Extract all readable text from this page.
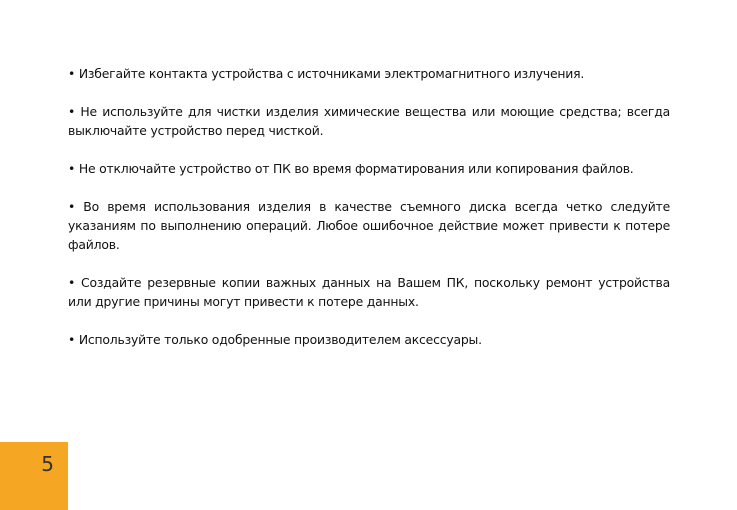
• Избегайте контакта устройства с источниками электромагнитного излучения.

• Не используйте для чистки изделия химические вещества или моющие средства; всегда выключайте устройство перед чисткой.

• Не отключайте устройство от ПК во время форматирования или копирования файлов.

• Во время использования изделия в качестве съемного диска всегда четко следуйте указаниям по выполнению операций. Любое ошибочное действие может привести к потере файлов.

• Создайте резервные копии важных данных на Вашем ПК, поскольку ремонт устройства или другие причины могут привести к потере данных.

• Используйте только одобренные производителем аксессуары.

5
